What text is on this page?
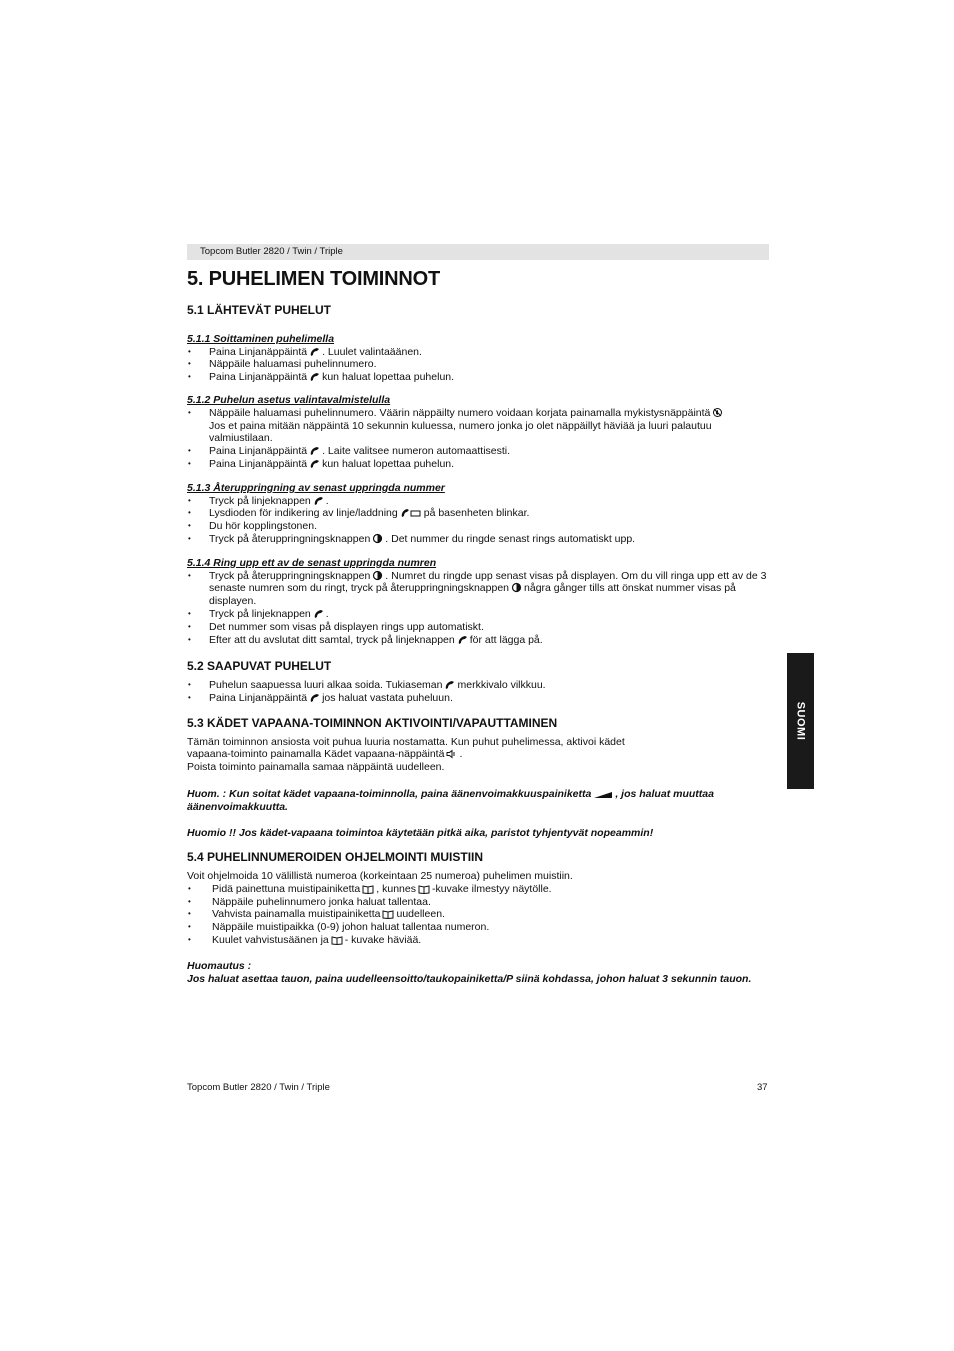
Topcom Butler 2820 / Twin / Triple
5. PUHELIMEN TOIMINNOT
5.1 LÄHTEVÄT PUHELUT
5.1.1 Soittaminen puhelimella
• Paina Linjanäppäintä . Luulet valintaäänen.
• Näppäile haluamasi puhelinnumero.
• Paina Linjanäppäintä kun haluat lopettaa puhelun.
5.1.2 Puhelun asetus valintavalmistelulla
• Näppäile haluamasi puhelinnumero. Väärin näppäilty numero voidaan korjata painamalla mykistysnäppäintä
Jos et paina mitään näppäintä 10 sekunnin kuluessa, numero jonka jo olet näppäillyt häviää ja luuri palautuu valmiustilaan.
• Paina Linjanäppäintä . Laite valitsee numeron automaattisesti.
• Paina Linjanäppäintä kun haluat lopettaa puhelun.
5.1.3 Återuppringning av senast uppringda nummer
• Tryck på linjeknappen .
• Lysdioden för indikering av linje/laddning på basenheten blinkar.
• Du hör kopplingstonen.
• Tryck på återuppringningsknappen . Det nummer du ringde senast rings automatiskt upp.
5.1.4 Ring upp ett av de senast uppringda numren
• Tryck på återuppringningsknappen . Numret du ringde upp senast visas på displayen. Om du vill ringa upp ett av de 3 senaste numren som du ringt, tryck på återuppringningsknappen några gånger tills att önskat nummer visas på displayen.
• Tryck på linjeknappen .
• Det nummer som visas på displayen rings upp automatiskt.
• Efter att du avslutat ditt samtal, tryck på linjeknappen för att lägga på.
5.2 SAAPUVAT PUHELUT
• Puhelun saapuessa luuri alkaa soida. Tukiaseman merkkivalo vilkkuu.
• Paina Linjanäppäintä jos haluat vastata puheluun.
5.3 KÄDET VAPAANA-TOIMINNON AKTIVOINTI/VAPAUTTAMINEN

Tämän toiminnon ansiosta voit puhua luuria nostamatta. Kun puhut puhelimessa, aktivoi kädet

vapaana-toiminto painamalla Kädet vapaana-näppäintä .

Poista toiminto painamalla samaa näppäintä uudelleen.

Huom. : Kun soitat kädet vapaana-toiminnolla, paina äänenvoimakkuuspainiketta , jos haluat muuttaa äänenvoimakkuutta.

Huomio !! Jos kädet-vapaana toimintoa käytetään pitkä aika, paristot tyhjentyvät nopeammin!

5.4 PUHELINNUMEROIDEN OHJELMOINTI MUISTIIN

Voit ohjelmoida 10 välillistä numeroa (korkeintaan 25 numeroa) puhelimen muistiin.

• Pidä painettuna muistipainiketta , kunnes -kuvake ilmestyy näytölle.
• Näppäile puhelinnumero jonka haluat tallentaa.
• Vahvista painamalla muistipainiketta uudelleen.
• Näppäile muistipaikka (0-9) johon haluat tallentaa numeron.
• Kuulet vahvistusäänen ja - kuvake häviää.

Huomautus :

Jos haluat asettaa tauon, paina uudelleensoitto/taukopainiketta/P siinä kohdassa, johon haluat 3 sekunnin tauon.

SUOMI
Topcom Butler 2820 / Twin / Triple	37
